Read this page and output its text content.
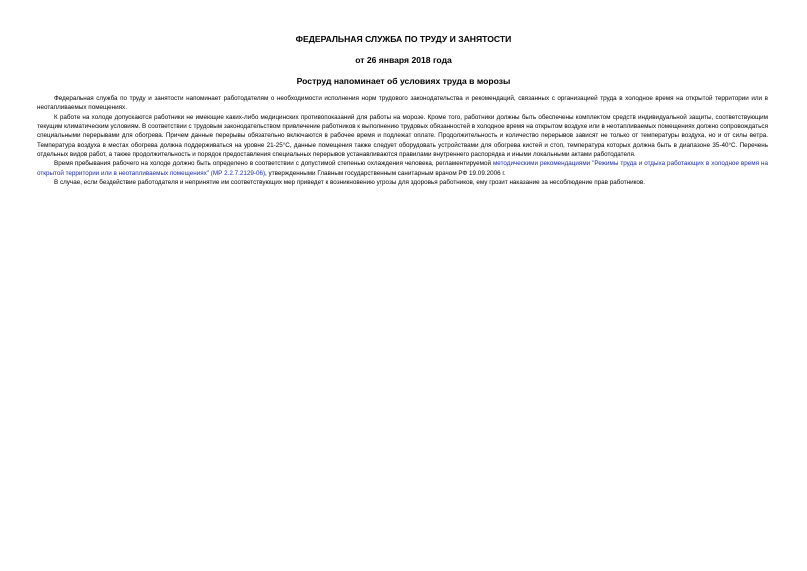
ФЕДЕРАЛЬНАЯ СЛУЖБА ПО ТРУДУ И ЗАНЯТОСТИ
от 26 января 2018 года
Роструд напоминает об условиях труда в морозы

Федеральная служба по труду и занятости напоминает работодателям о необходимости исполнения норм трудового законодательства и рекомендаций, связанных с организацией труда в холодное время на открытой территории или в неотапливаемых помещениях.

К работе на холоде допускаются работники не имеющие каких-либо медицинских противопоказаний для работы на морозе. Кроме того, работники должны быть обеспечены комплектом средств индивидуальной защиты, соответствующим текущим климатическим условиям. В соответствии с трудовым законодательством привлечение работников к выполнению трудовых обязанностей в холодное время на открытом воздухе или в неотапливаемых помещениях должно сопровождаться специальными перерывами для обогрева. Причем данные перерывы обязательно включаются в рабочее время и подлежат оплате. Продолжительность и количество перерывов зависят не только от температуры воздуха, но и от силы ветра. Температура воздуха в местах обогрева должна поддерживаться на уровне 21-25°C, данные помещения также следует оборудовать устройствами для обогрева кистей и стоп, температура которых должна быть в диапазоне 35-40°C. Перечень отдельных видов работ, а также продолжительность и порядок предоставления специальных перерывов устанавливаются правилами внутреннего распорядка и иными локальными актами работодателя.

Время пребывания рабочего на холоде должно быть определено в соответствии с допустимой степенью охлаждения человека, регламентируемой методическими рекомендациями "Режимы труда и отдыха работающих в холодное время на открытой территории или в неотапливаемых помещениях" (МР 2.2.7.2129-06), утвержденными Главным государственным санитарным врачом РФ 19.09.2006 г.

В случае, если бездействие работодателя и непринятие им соответствующих мер приведет к возникновению угрозы для здоровья работников, ему грозит наказание за несоблюдение прав работников.
